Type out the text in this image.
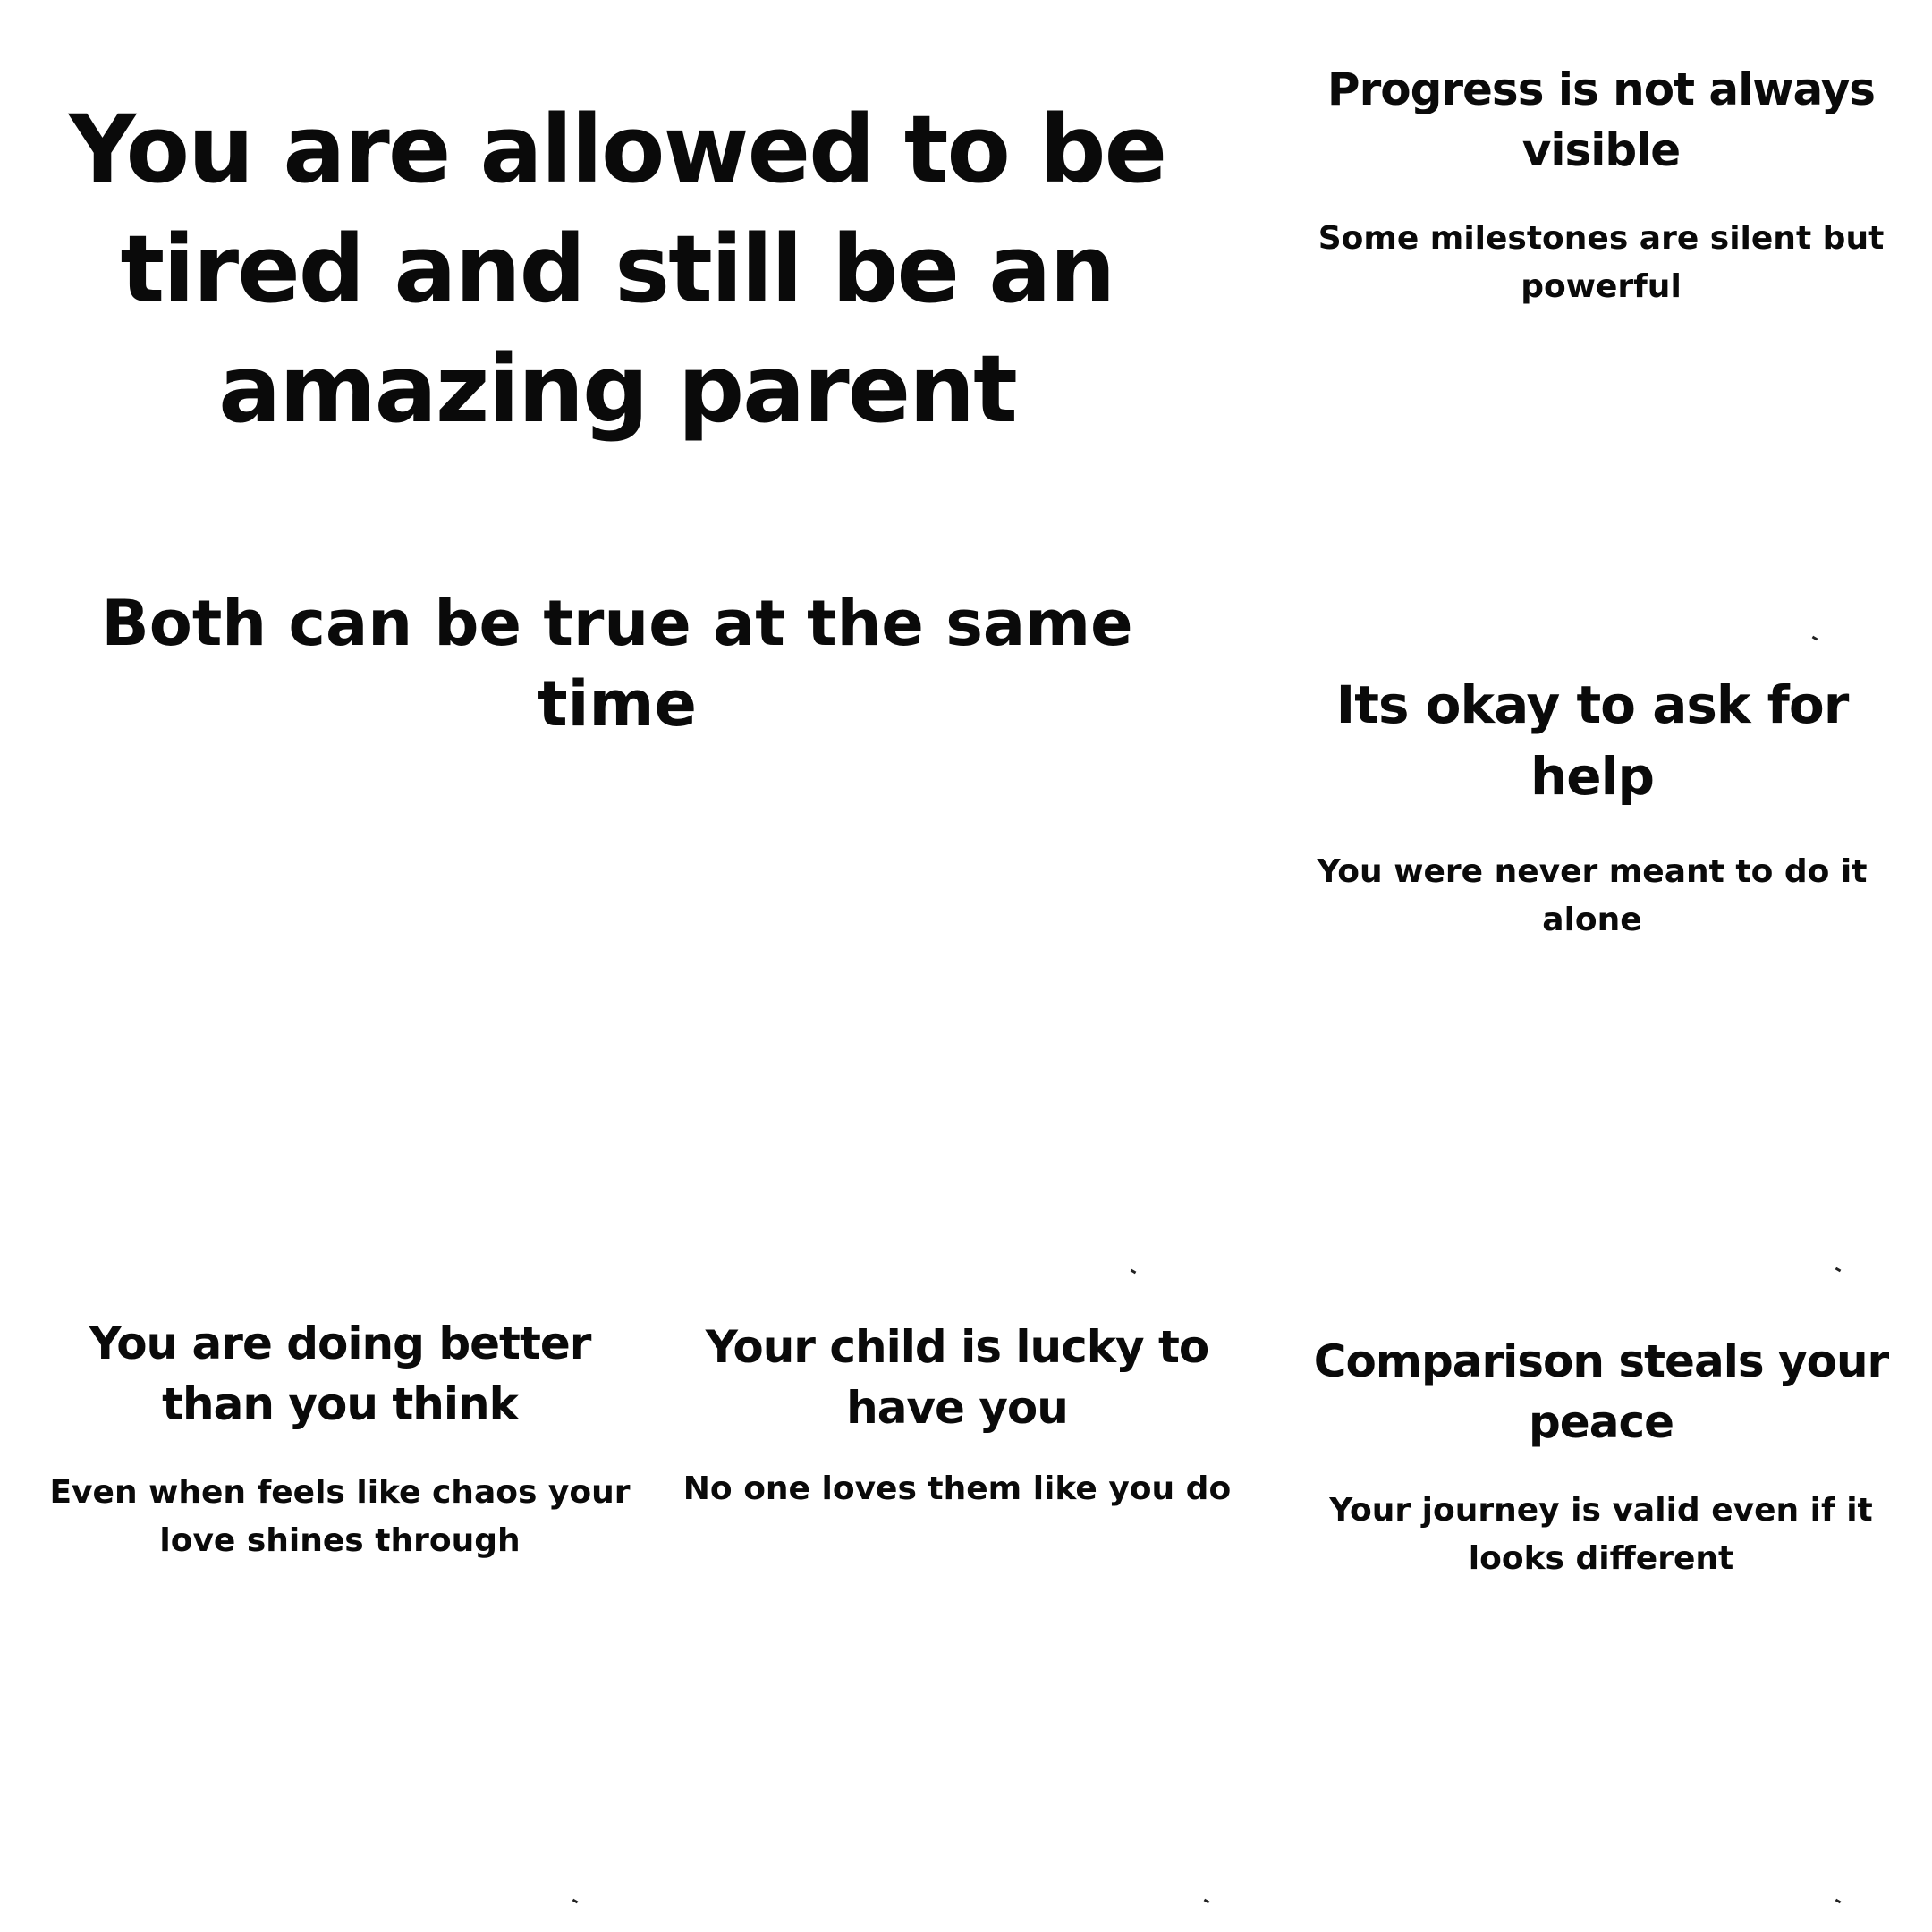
You are allowed to be tired and still be an amazing parent

Both can be true at the same time

Progress is not always visible

Some milestones are silent but powerful

Its okay to ask for help

You were never meant to do it alone

You are doing better than you think

Even when feels like chaos your love shines through

Your child is lucky to have you

No one loves them like you do

Comparison steals your peace

Your journey is valid even if it looks different
